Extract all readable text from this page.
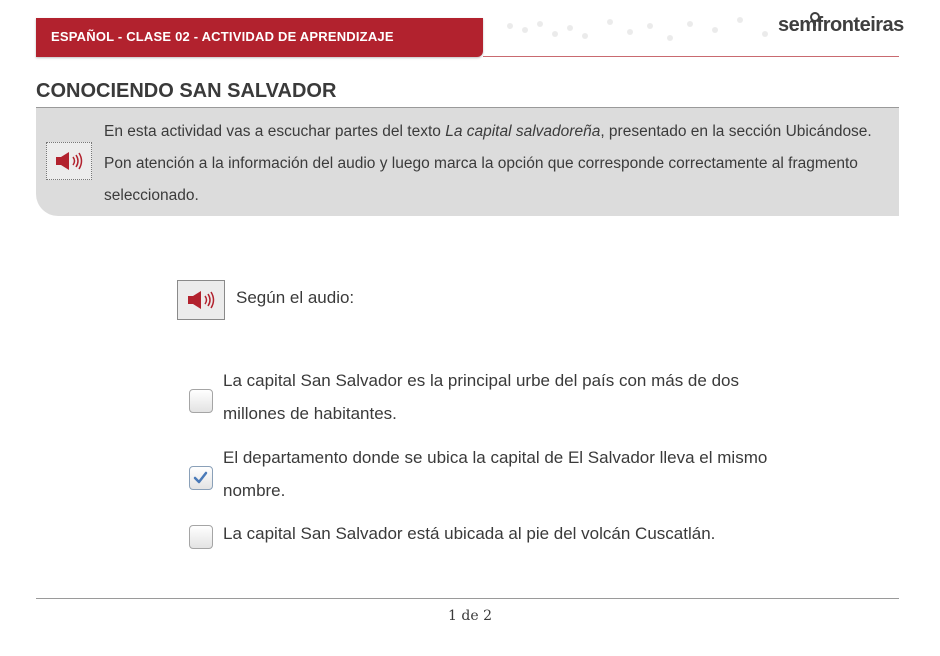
ESPAÑOL - CLASE 02 - ACTIVIDAD DE APRENDIZAJE
semfronteiras
CONOCIENDO SAN SALVADOR
En esta actividad vas a escuchar partes del texto La capital salvadoreña, presentado en la sección Ubicándose. Pon atención a la información del audio y luego marca la opción que corresponde correctamente al fragmento seleccionado.
Según el audio:
La capital San Salvador es la principal urbe del país con más de dos millones de habitantes.
El departamento donde se ubica la capital de El Salvador lleva el mismo nombre.
La capital San Salvador está ubicada al pie del volcán Cuscatlán.
1 de 2
